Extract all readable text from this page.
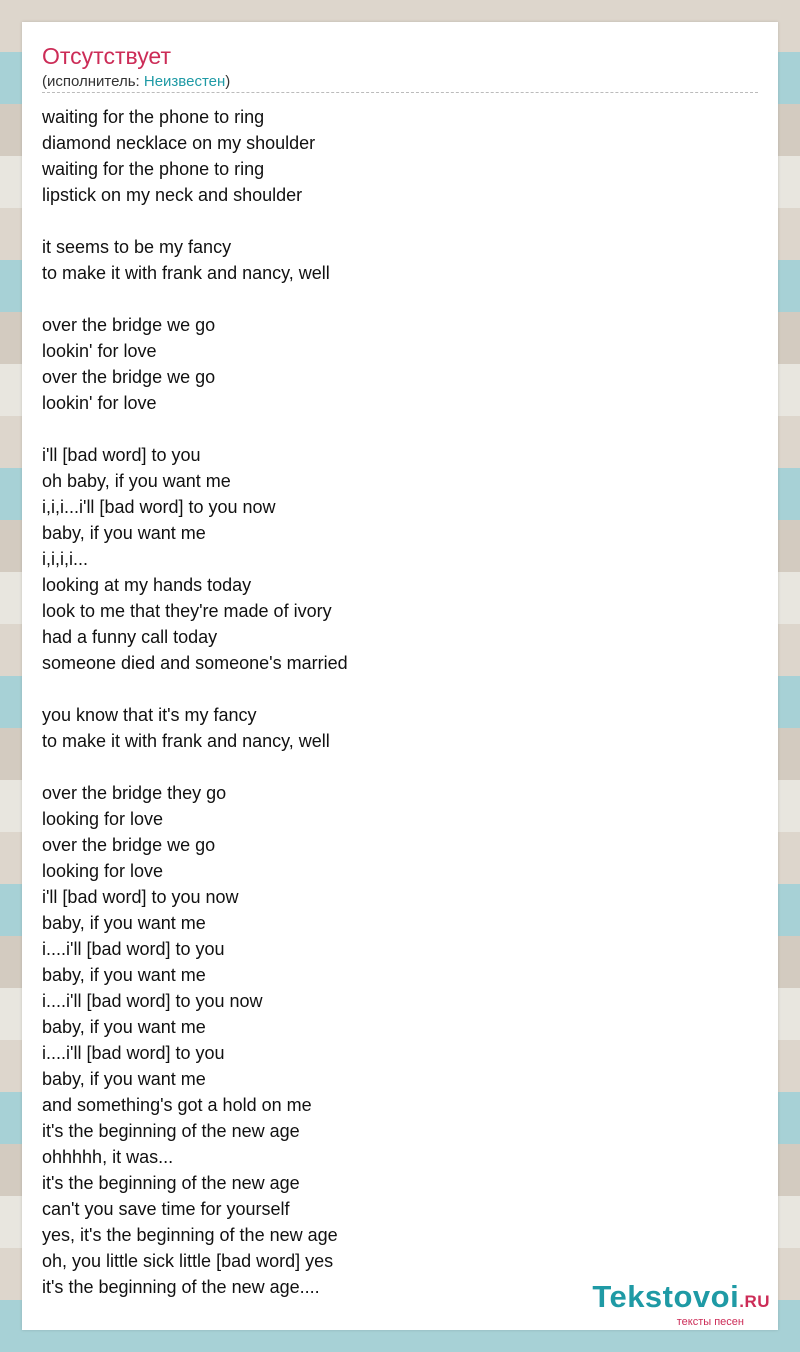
Отсутствует
(исполнитель: Неизвестен)
waiting for the phone to ring
diamond necklace on my shoulder
waiting for the phone to ring
lipstick on my neck and shoulder
it seems to be my fancy
to make it with frank and nancy, well
over the bridge we go
lookin' for love
over the bridge we go
lookin' for love
i'll [bad word] to you
oh baby, if you want me
i,i,i...i'll [bad word] to you now
baby, if you want me
i,i,i,i...
looking at my hands today
look to me that they're made of ivory
had a funny call today
someone died and someone's married
you know that it's my fancy
to make it with frank and nancy, well
over the bridge they go
looking for love
over the bridge we go
looking for love
i'll [bad word] to you now
baby, if you want me
i....i'll [bad word] to you
baby, if you want me
i....i'll [bad word] to you now
baby, if you want me
i....i'll [bad word] to you
baby, if you want me
and something's got a hold on me
it's the beginning of the new age
ohhhhh, it was...
it's the beginning of the new age
can't you save time for yourself
yes, it's the beginning of the new age
oh, you little sick little [bad word] yes
it's the beginning of the new age....	Tekstovoi.RU
тексты песен
